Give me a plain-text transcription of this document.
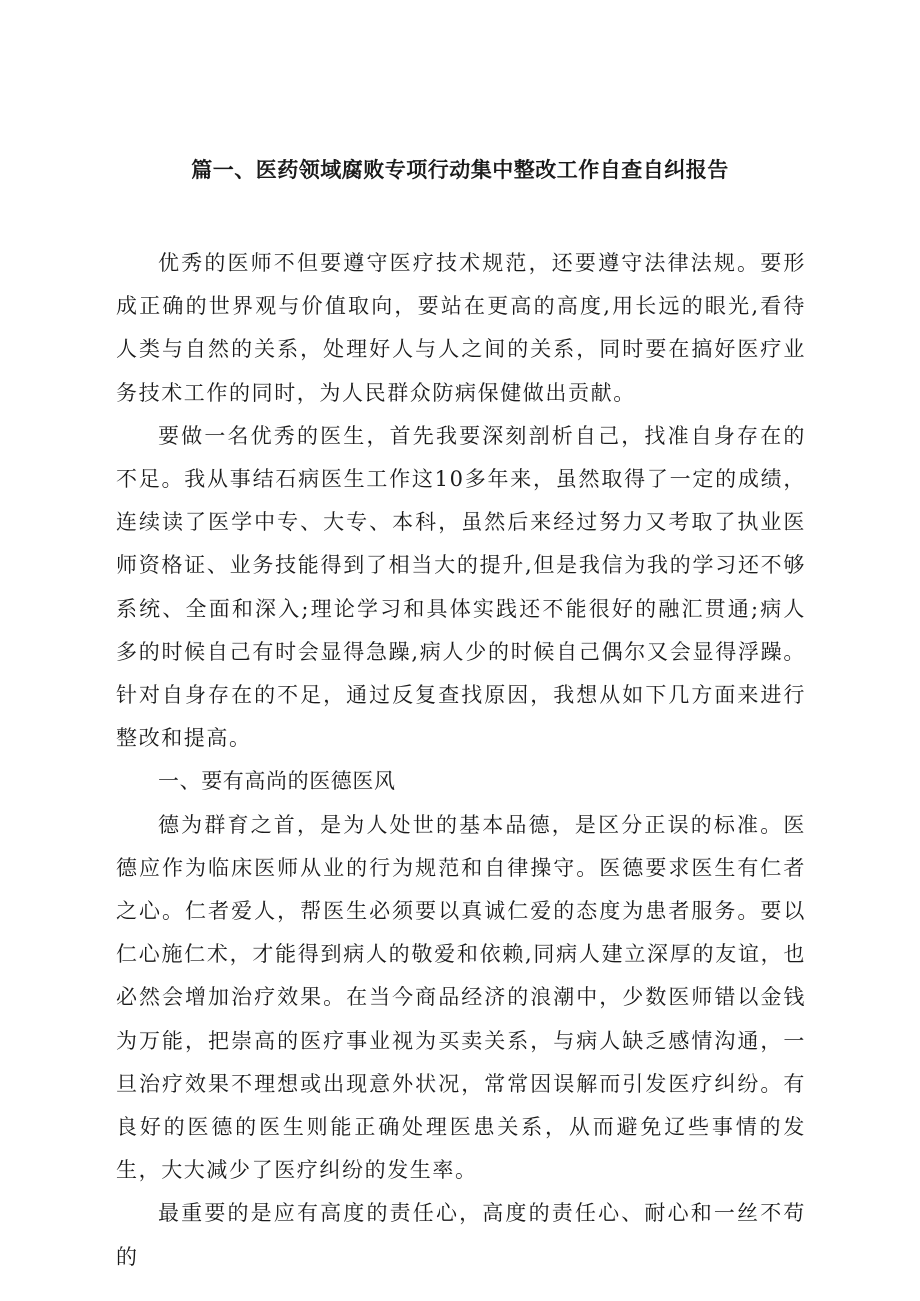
篇一、医药领域腐败专项行动集中整改工作自查自纠报告

优秀的医师不但要遵守医疗技术规范，还要遵守法律法规。要形成正确的世界观与价值取向，要站在更高的高度,用长远的眼光,看待人类与自然的关系，处理好人与人之间的关系，同时要在搞好医疗业务技术工作的同时，为人民群众防病保健做出贡献。

要做一名优秀的医生，首先我要深刻剖析自己，找准自身存在的不足。我从事结石病医生工作这10多年来，虽然取得了一定的成绩，连续读了医学中专、大专、本科，虽然后来经过努力又考取了执业医师资格证、业务技能得到了相当大的提升,但是我信为我的学习还不够系统、全面和深入;理论学习和具体实践还不能很好的融汇贯通;病人多的时候自己有时会显得急躁,病人少的时候自己偶尔又会显得浮躁。针对自身存在的不足，通过反复查找原因，我想从如下几方面来进行整改和提高。

一、要有高尚的医德医风

德为群育之首，是为人处世的基本品德，是区分正误的标准。医德应作为临床医师从业的行为规范和自律操守。医德要求医生有仁者之心。仁者爱人，帮医生必须要以真诚仁爱的态度为患者服务。要以仁心施仁术，才能得到病人的敬爱和依赖,同病人建立深厚的友谊，也必然会增加治疗效果。在当今商品经济的浪潮中，少数医师错以金钱为万能，把崇高的医疗事业视为买卖关系，与病人缺乏感情沟通，一旦治疗效果不理想或出现意外状况，常常因误解而引发医疗纠纷。有良好的医德的医生则能正确处理医患关系，从而避免辽些事情的发生，大大减少了医疗纠纷的发生率。

最重要的是应有高度的责任心，高度的责任心、耐心和一丝不苟的
